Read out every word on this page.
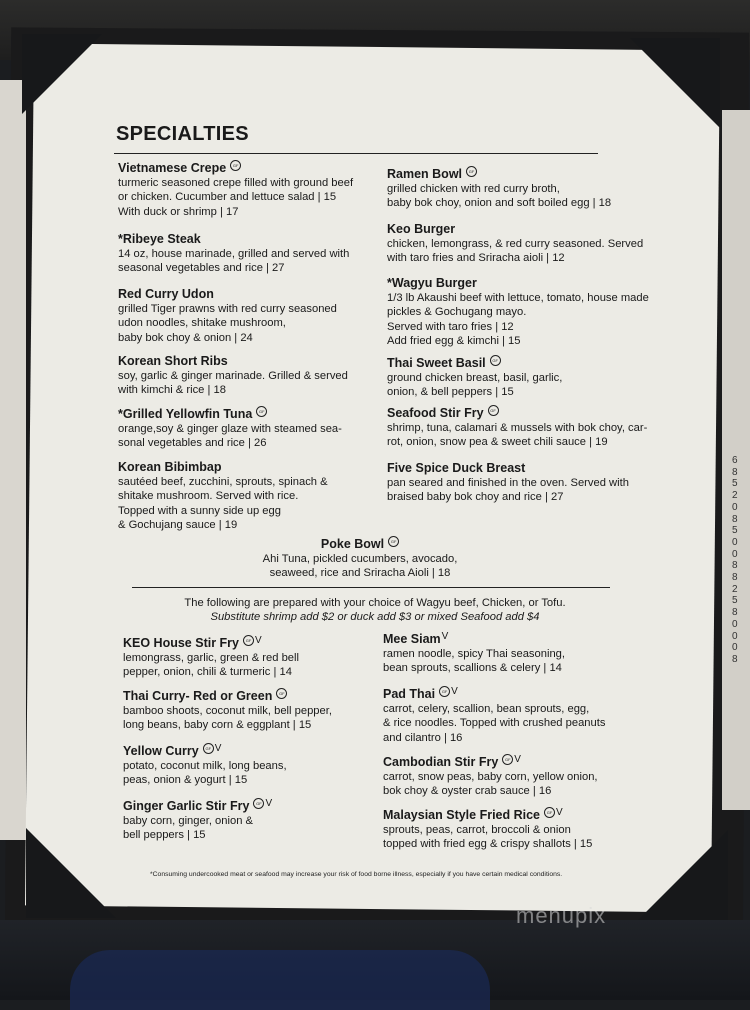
6
8
5
2
0
8
5
0
0
8
8
2
5
8
0
0
0
8
SPECIALTIES
Vietnamese Crepe GF
turmeric seasoned crepe filled with ground beef
or chicken. Cucumber and lettuce salad | 15
With duck or shrimp | 17
*Ribeye Steak
14 oz, house marinade, grilled and served with
seasonal vegetables and rice | 27
Red Curry Udon
grilled Tiger prawns with red curry seasoned
udon noodles, shitake mushroom,
baby bok choy & onion | 24
Korean Short Ribs
soy, garlic & ginger marinade. Grilled & served
with kimchi & rice | 18
*Grilled Yellowfin Tuna GF
orange,soy & ginger glaze with steamed sea-
sonal vegetables and rice | 26
Korean Bibimbap
sautéed beef, zucchini, sprouts, spinach &
shitake mushroom. Served with rice.
Topped with a sunny side up egg
& Gochujang sauce | 19
Ramen Bowl GF
grilled chicken with red curry broth,
baby bok choy, onion and soft boiled egg | 18
Keo Burger
chicken, lemongrass, & red curry seasoned. Served
with taro fries and Sriracha aioli | 12
*Wagyu Burger
1/3 lb Akaushi beef with lettuce, tomato, house made
pickles & Gochugang mayo.
Served with taro fries | 12
Add fried egg & kimchi | 15
Thai Sweet Basil GF
ground chicken breast, basil, garlic,
onion, & bell peppers | 15
Seafood Stir Fry GF
shrimp, tuna, calamari & mussels with bok choy, car-
rot, onion, snow pea & sweet chili sauce | 19
Five Spice Duck Breast
pan seared and finished in the oven. Served with
braised baby bok choy and rice | 27
Poke Bowl GF
Ahi Tuna, pickled cucumbers, avocado,
seaweed, rice and Sriracha Aioli | 18
The following are prepared with your choice of Wagyu beef, Chicken, or Tofu.
Substitute shrimp add $2 or duck add $3 or mixed Seafood add $4
KEO House Stir Fry GF V
lemongrass, garlic, green & red bell
pepper, onion, chili & turmeric | 14
Thai Curry- Red or Green GF
bamboo shoots, coconut milk, bell pepper,
long beans, baby corn & eggplant | 15
Yellow Curry GF V
potato, coconut milk, long beans,
peas, onion & yogurt | 15
Ginger Garlic Stir Fry GF V
baby corn, ginger, onion &
bell peppers | 15
Mee SiamV
ramen noodle, spicy Thai seasoning,
bean sprouts, scallions & celery | 14
Pad Thai GF V
carrot, celery, scallion, bean sprouts, egg,
& rice noodles. Topped with crushed peanuts
and cilantro | 16
Cambodian Stir Fry GF V
carrot, snow peas, baby corn, yellow onion,
bok choy & oyster crab sauce | 16
Malaysian Style Fried Rice GF V
sprouts, peas, carrot, broccoli & onion
topped with fried egg & crispy shallots | 15
*Consuming undercooked meat or seafood may increase your risk of food borne illness, especially if you have certain medical conditions.
menupix
